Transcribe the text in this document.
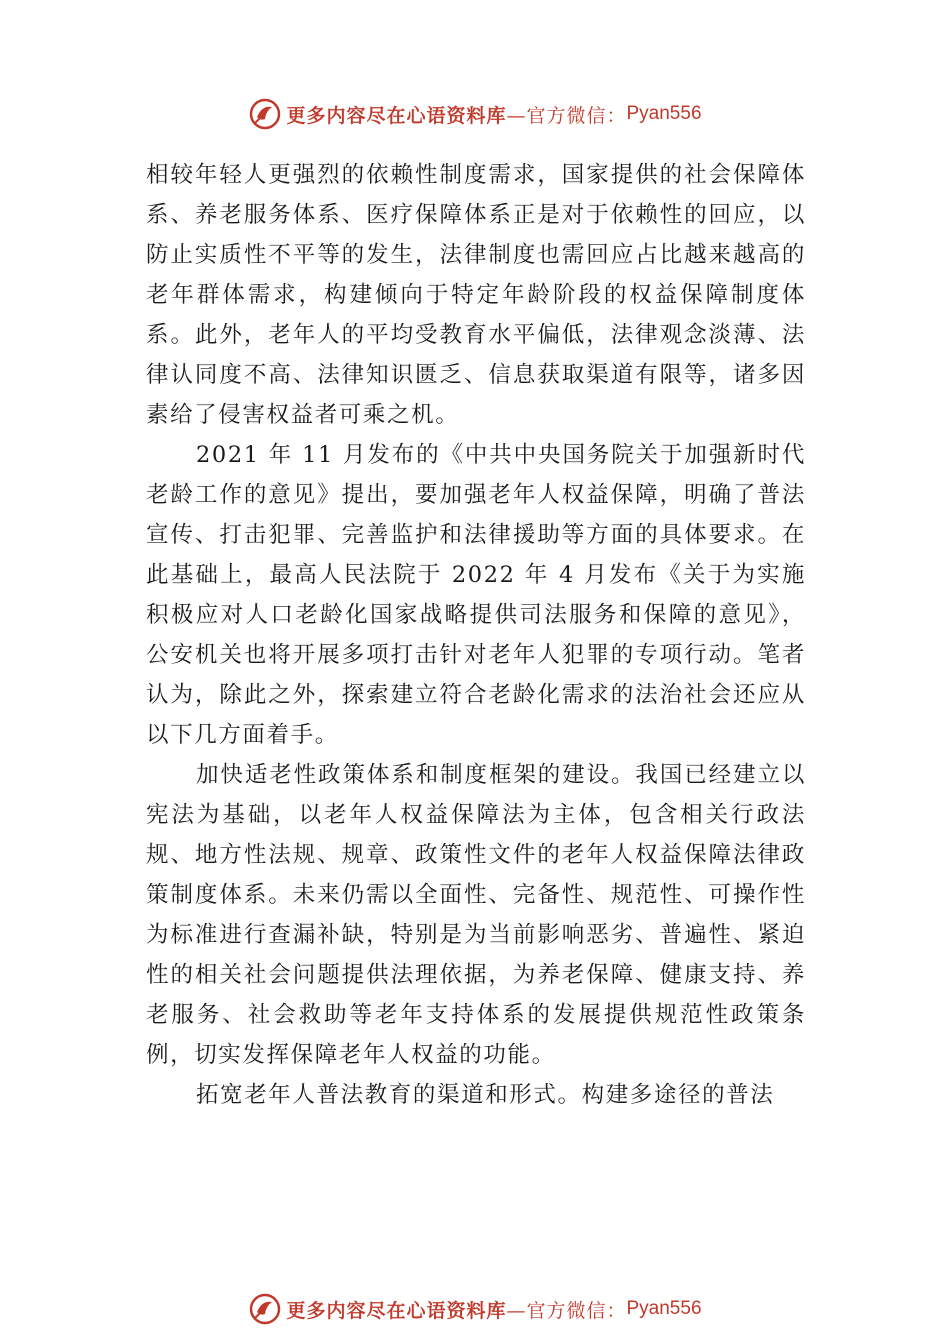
更多内容尽在心语资料库 —官方微信： Pyan556

相较年轻人更强烈的依赖性制度需求，国家提供的社会保障体系、养老服务体系、医疗保障体系正是对于依赖性的回应，以防止实质性不平等的发生，法律制度也需回应占比越来越高的老年群体需求，构建倾向于特定年龄阶段的权益保障制度体系。此外，老年人的平均受教育水平偏低，法律观念淡薄、法律认同度不高、法律知识匮乏、信息获取渠道有限等，诸多因素给了侵害权益者可乘之机。

2021 年 11 月发布的《中共中央国务院关于加强新时代老龄工作的意见》提出，要加强老年人权益保障，明确了普法宣传、打击犯罪、完善监护和法律援助等方面的具体要求。在此基础上，最高人民法院于 2022 年 4 月发布《关于为实施积极应对人口老龄化国家战略提供司法服务和保障的意见》，公安机关也将开展多项打击针对老年人犯罪的专项行动。笔者认为，除此之外，探索建立符合老龄化需求的法治社会还应从以下几方面着手。

加快适老性政策体系和制度框架的建设。我国已经建立以宪法为基础，以老年人权益保障法为主体，包含相关行政法规、地方性法规、规章、政策性文件的老年人权益保障法律政策制度体系。未来仍需以全面性、完备性、规范性、可操作性为标准进行查漏补缺，特别是为当前影响恶劣、普遍性、紧迫性的相关社会问题提供法理依据，为养老保障、健康支持、养老服务、社会救助等老年支持体系的发展提供规范性政策条例，切实发挥保障老年人权益的功能。

拓宽老年人普法教育的渠道和形式。构建多途径的普法

更多内容尽在心语资料库 —官方微信： Pyan556
